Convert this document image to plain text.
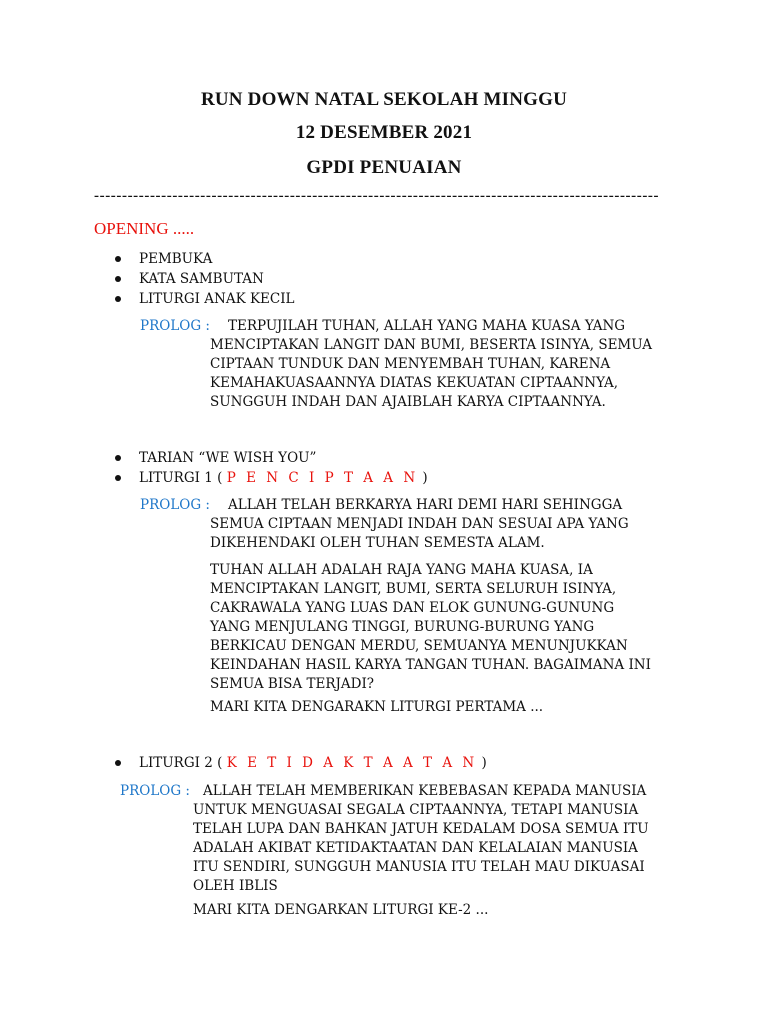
RUN DOWN NATAL SEKOLAH MINGGU
12 DESEMBER 2021
GPDI PENUAIAN
-----------------------------------------------------------------------------------------------------
OPENING .....
PEMBUKA
KATA SAMBUTAN
LITURGI ANAK KECIL
PROLOG : TERPUJILAH TUHAN, ALLAH YANG MAHA KUASA YANG
MENCIPTAKAN LANGIT DAN BUMI, BESERTA ISINYA, SEMUA
CIPTAAN TUNDUK DAN MENYEMBAH TUHAN, KARENA
KEMAHAKUASAANNYA DIATAS KEKUATAN CIPTAANNYA,
SUNGGUH INDAH DAN AJAIBLAH KARYA CIPTAANNYA.
TARIAN “WE WISH YOU”
LITURGI 1 ( P E N C I P T A A N )
PROLOG : ALLAH TELAH BERKARYA HARI DEMI HARI SEHINGGA
SEMUA CIPTAAN MENJADI INDAH DAN SESUAI APA YANG
DIKEHENDAKI OLEH TUHAN SEMESTA ALAM.
TUHAN ALLAH ADALAH RAJA YANG MAHA KUASA, IA
MENCIPTAKAN LANGIT, BUMI, SERTA SELURUH ISINYA,
CAKRAWALA YANG LUAS DAN ELOK GUNUNG-GUNUNG
YANG MENJULANG TINGGI, BURUNG-BURUNG YANG
BERKICAU DENGAN MERDU, SEMUANYA MENUNJUKKAN
KEINDAHAN HASIL KARYA TANGAN TUHAN. BAGAIMANA INI
SEMUA BISA TERJADI?
MARI KITA DENGARAKN LITURGI PERTAMA ...
LITURGI 2 ( K E T I D A K T A A T A N )
PROLOG : ALLAH TELAH MEMBERIKAN KEBEBASAN KEPADA MANUSIA
UNTUK MENGUASAI SEGALA CIPTAANNYA, TETAPI MANUSIA
TELAH LUPA DAN BAHKAN JATUH KEDALAM DOSA SEMUA ITU
ADALAH AKIBAT KETIDAKTAATAN DAN KELALAIAN MANUSIA
ITU SENDIRI, SUNGGUH MANUSIA ITU TELAH MAU DIKUASAI
OLEH IBLIS
MARI KITA DENGARKAN LITURGI KE-2 ...
